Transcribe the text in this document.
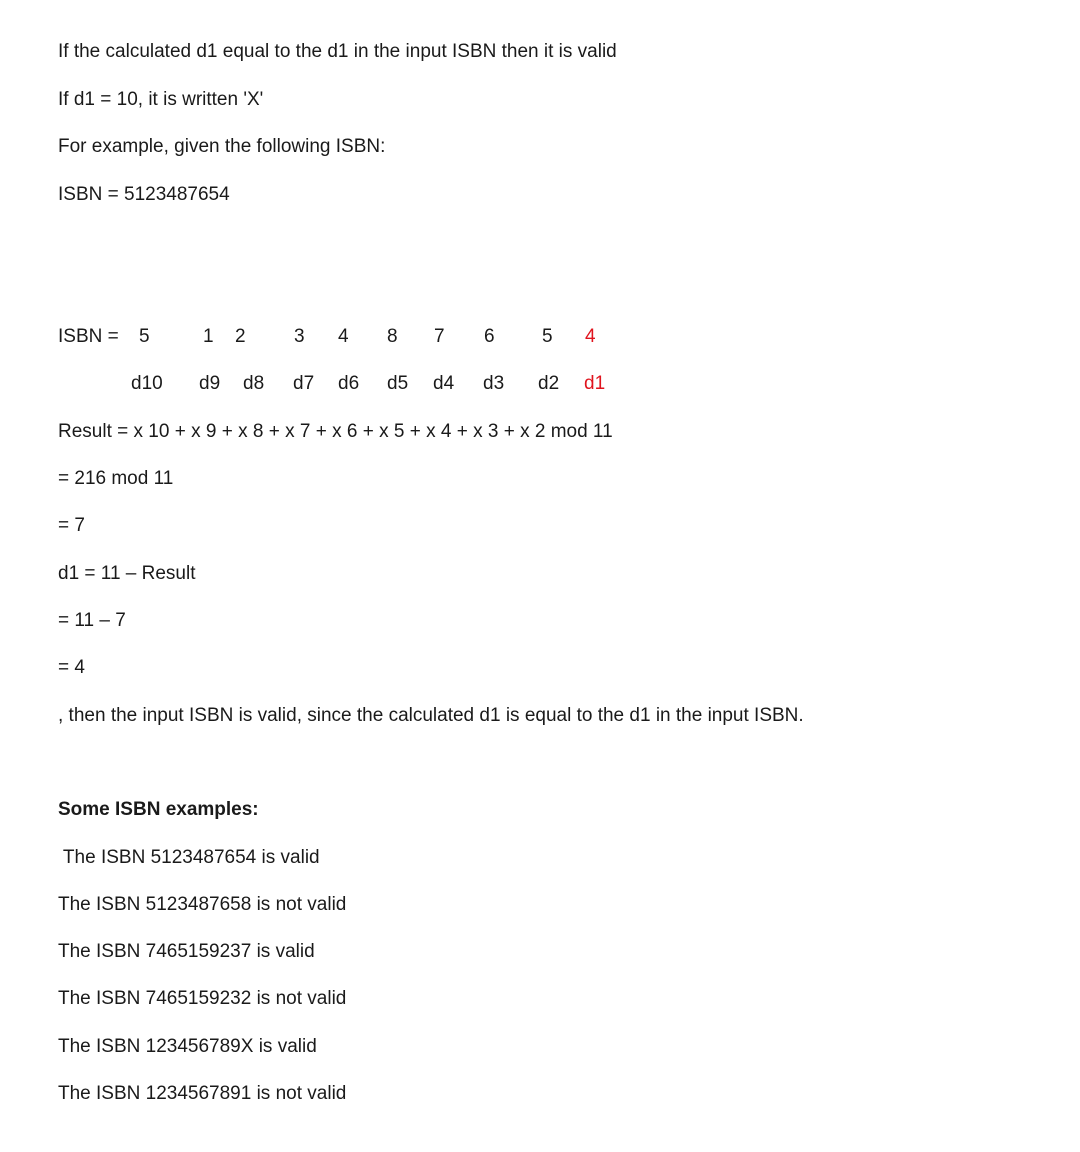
If the calculated d1 equal to the d1 in the input ISBN then it is valid
If d1 = 10, it is written 'X'
For example, given the following ISBN:
ISBN = 5123487654
ISBN = 5	1 2	3 4 8 7 6 5 4
d10 d9 d8 d7 d6 d5 d4 d3 d2 d1
Result = x 10 + x 9 + x 8 + x 7 + x 6 + x 5 + x 4 + x 3 + x 2 mod 11
= 216 mod 11
= 7
d1 = 11 – Result
= 11 – 7
= 4
, then the input ISBN is valid, since the calculated d1 is equal to the d1 in the input ISBN.
Some ISBN examples:
The ISBN 5123487654 is valid
The ISBN 5123487658 is not valid
The ISBN 7465159237 is valid
The ISBN 7465159232 is not valid
The ISBN 123456789X is valid
The ISBN 1234567891 is not valid
